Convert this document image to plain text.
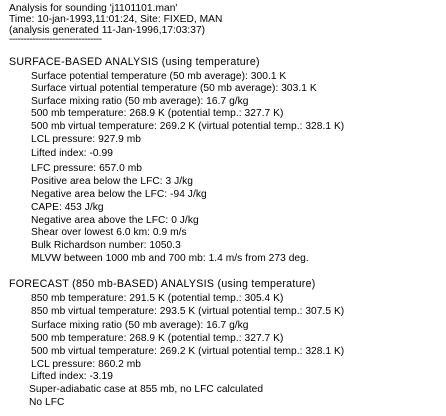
Analysis for sounding 'j1101101.man'
Time: 10-jan-1993,11:01:24, Site: FIXED, MAN
(analysis generated 11-Jan-1996,17:03:37)
--------------------------------
SURFACE-BASED ANALYSIS (using temperature)
Surface potential temperature (50 mb average): 300.1 K
Surface virtual potential temperature (50 mb average): 303.1 K
Surface mixing ratio (50 mb average): 16.7 g/kg
500 mb temperature: 268.9 K (potential temp.: 327.7 K)
500 mb virtual temperature: 269.2 K (virtual potential temp.: 328.1 K)
LCL pressure: 927.9 mb
Lifted index: -0.99
LFC pressure: 657.0 mb
Positive area below the LFC: 3 J/kg
Negative area below the LFC: -94 J/kg
CAPE: 453 J/kg
Negative area above the LFC: 0 J/kg
Shear over lowest 6.0 km: 0.9 m/s
Bulk Richardson number: 1050.3
MLVW between 1000 mb and 700 mb: 1.4 m/s from 273 deg.
FORECAST (850 mb-BASED) ANALYSIS (using temperature)
850 mb temperature: 291.5 K (potential temp.: 305.4 K)
850 mb virtual temperature: 293.5 K (virtual potential temp.: 307.5 K)
Surface mixing ratio (50 mb average): 16.7 g/kg
500 mb temperature: 268.9 K (potential temp.: 327.7 K)
500 mb virtual temperature: 269.2 K (virtual potential temp.: 328.1 K)
LCL pressure: 860.2 mb
Lifted index: -3.19
Super-adiabatic case at 855 mb, no LFC calculated
No LFC
